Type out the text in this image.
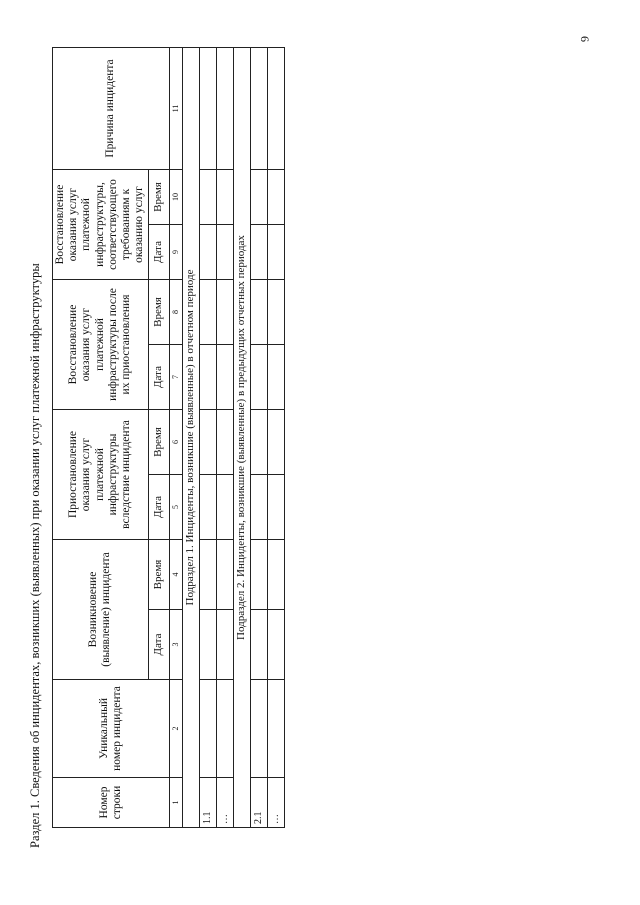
6
Раздел 1. Сведения об инцидентах, возникших (выявленных) при оказании услуг платежной инфраструктуры	Номер строки	Уникальный номер инцидента	Возникновение (выявление) инцидента		Приостановление оказания услуг платежной инфраструктуры вследствие инцидента		Восстановление оказания услуг платежной инфраструктуры после их приостановления		Восстановление оказания услуг платежной инфраструктуры, соответствующего требованиям к оказанию услуг		Причина инцидента
		Дата	Время	Дата	Время	Дата	Время	Дата	Время	
1	2	3	4	5	6	7	8	9	10	11
Подраздел 1. Инциденты, возникшие (выявленные) в отчетном периоде										
1.1										
…										
Подраздел 2. Инциденты, возникшие (выявленные) в предыдущих отчетных периодах										
2.1										
…										
